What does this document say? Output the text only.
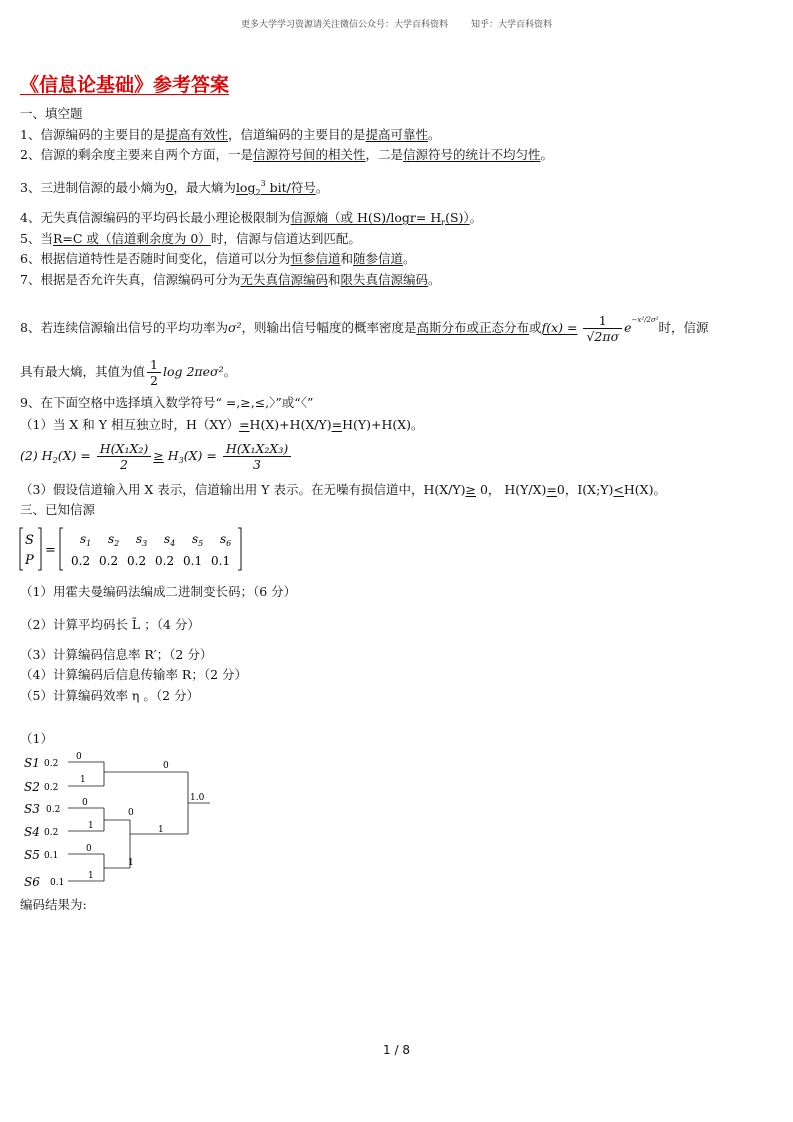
更多大学学习资源请关注微信公众号：大学百科资料	知乎：大学百科资料
《信息论基础》参考答案
一、填空题
1、信源编码的主要目的是提高有效性，信道编码的主要目的是提高可靠性。
2、信源的剩余度主要来自两个方面，一是信源符号间的相关性，二是信源符号的统计不均匀性。
3、三进制信源的最小熵为0，最大熵为$\log_2^3 bit/$符号。
4、无失真信源编码的平均码长最小理论极限制为信源熵（或 $H(S)/\log r= H_r(S)$）。
5、当R=C 或（信道剩余度为 0）时，信源与信道达到匹配。
6、根据信道特性是否随时间变化，信道可以分为恒参信道和随参信道。
7、根据是否允许失真，信源编码可分为无失真信源编码和限失真信源编码。
8、若连续信源输出信号的平均功率为σ²，则输出信号幅度的概率密度是高斯分布或正态分布或$f(x) = \frac{1}{√2\pi\sigma} e^{-x^2/2\sigma^2}$时，信源
具有最大熵，其值为值 $\frac{1}{2}$ log 2πeσ²。
9、在下面空格中选择填入数学符号“ =,≥,≤,〉”或“〈”
（1）当 X 和 Y 相互独立时，H（XY）=H(X)+H(X/Y)=H(Y)+H(X)。
(2) $H_2(X) = \frac{\text{H(X₁X₂)}}{2} \ge H_3(X) = \frac{\text{H(X₁X₂X₃)}}{3}$
（3）假设信道输入用 X 表示，信道输出用 Y 表示。在无噪有损信道中，H(X/Y)≥ 0， H(Y/X)=0，I(X;Y)<H(X)。
三、已知信源
S
P
=
$s_1$ $s_2$ $s_3$ $s_4$ $s_5$ $s_6$
0.2 0.2 0.2 0.2 0.1 0.1
（1）用霍夫曼编码法编成二进制变长码；（6 分）
（2）计算平均码长 L̄ ；（4 分）
（3）计算编码信息率 R′；（2 分）
（4）计算编码后信息传输率 R；（2 分）
（5）计算编码效率 η 。（2 分）
（1）
S1
S2
S3
S4
S5
S6
0.2
0.2
0.2
0.2
0.1
0.1
0
1
0
1
0
1
0
1
0
1
1.0
编码结果为:
1 / 8
